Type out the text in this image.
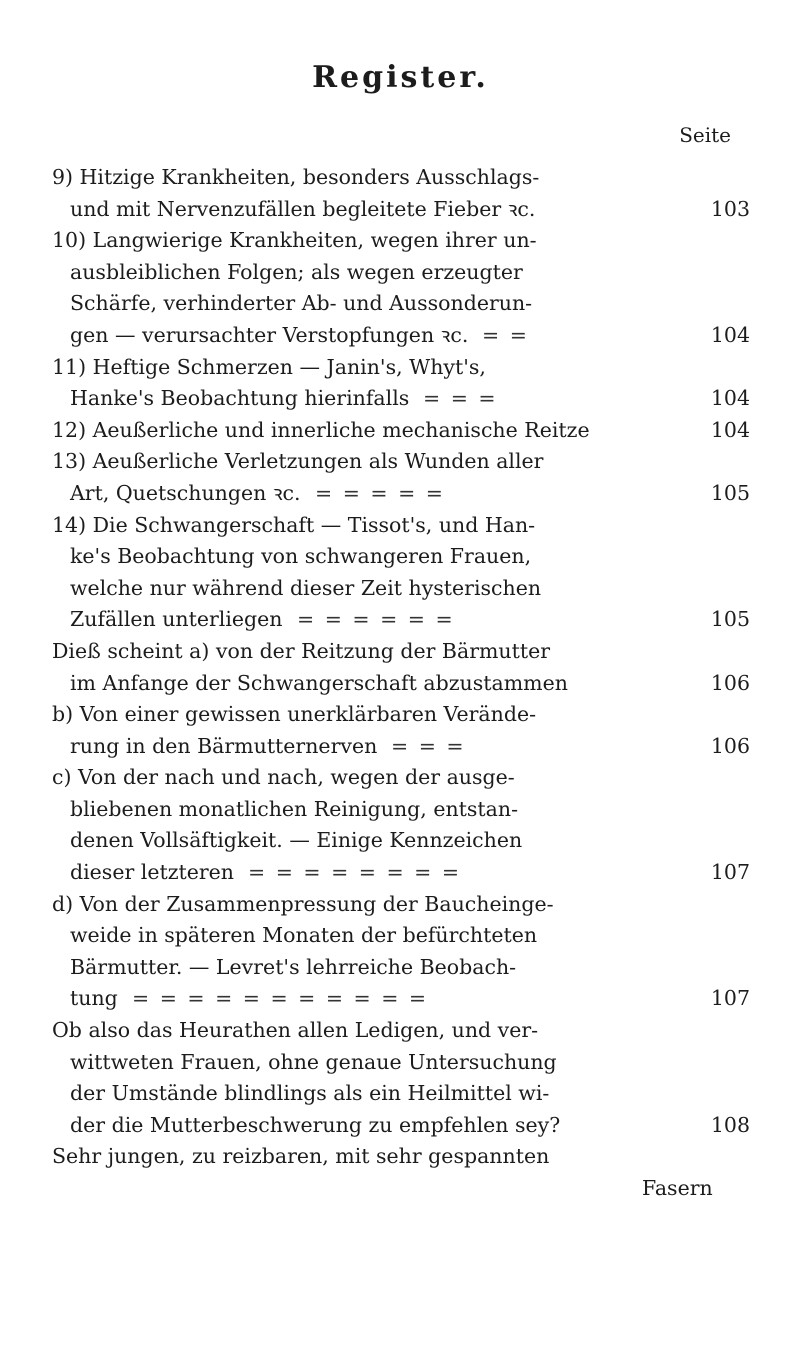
Register.
Seite
9) Hitzige Krankheiten, besonders Ausschlags-
und mit Nervenzufällen begleitete Fieber ꝛc.	103
10) Langwierige Krankheiten, wegen ihrer un-
ausbleiblichen Folgen; als wegen erzeugter
Schärfe, verhinderter Ab- und Aussonderun-
gen — verursachter Verstopfungen ꝛc. = =	104
11) Heftige Schmerzen — Janin's, Whyt's,
Hanke's Beobachtung hierinfalls = = =	104
12) Aeußerliche und innerliche mechanische Reitze	104
13) Aeußerliche Verletzungen als Wunden aller
Art, Quetschungen ꝛc. = = = = =	105
14) Die Schwangerschaft — Tissot's, und Han-
ke's Beobachtung von schwangeren Frauen,
welche nur während dieser Zeit hysterischen
Zufällen unterliegen = = = = = =	105
Dieß scheint a) von der Reitzung der Bärmutter
im Anfange der Schwangerschaft abzustammen	106
b) Von einer gewissen unerklärbaren Verände-
rung in den Bärmutternerven = = =	106
c) Von der nach und nach, wegen der ausge-
bliebenen monatlichen Reinigung, entstan-
denen Vollsäftigkeit. — Einige Kennzeichen
dieser letzteren = = = = = = = =	107
d) Von der Zusammenpressung der Baucheinge-
weide in späteren Monaten der befürchteten
Bärmutter. — Levret's lehrreiche Beobach-
tung = = = = = = = = = = =	107
Ob also das Heurathen allen Ledigen, und ver-
wittweten Frauen, ohne genaue Untersuchung
der Umstände blindlings als ein Heilmittel wi-
der die Mutterbeschwerung zu empfehlen sey?	108
Sehr jungen, zu reizbaren, mit sehr gespannten
Fasern
